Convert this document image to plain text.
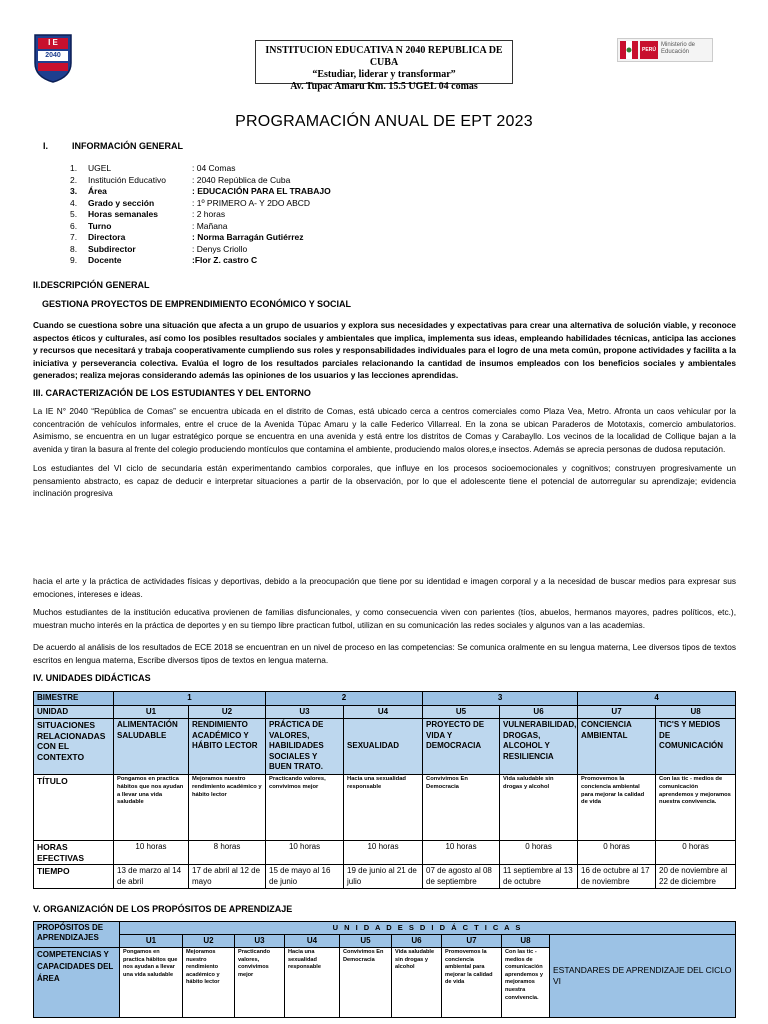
I E
2040	INSTITUCION EDUCATIVA N 2040 REPUBLICA DE CUBA
“Estudiar, liderar y transformar”
Av. Tupac Amaru Km. 15.5 UGEL 04 comas
PERÚ
Ministerio de Educación
PROGRAMACIÓN ANUAL DE EPT 2023
I.	INFORMACIÓN GENERAL
1.	UGEL	: 04 Comas
2.	Institución Educativo	: 2040 República de Cuba
3.	Área	: EDUCACIÓN PARA EL TRABAJO
4.	Grado y sección	: 1º PRIMERO A- Y 2DO ABCD
5.	Horas semanales	: 2 horas
6.	Turno	: Mañana
7.	Directora	: Norma Barragán Gutiérrez
8.	Subdirector	: Denys Criollo
9.	Docente	:Flor Z. castro C
II.DESCRIPCIÓN GENERAL
GESTIONA PROYECTOS DE EMPRENDIMIENTO ECONÓMICO Y SOCIAL
Cuando se cuestiona sobre una situación que afecta a un grupo de usuarios y explora sus necesidades y expectativas para crear una alternativa de solución viable, y reconoce aspectos éticos y culturales, así como los posibles resultados sociales y ambientales que implica, implementa sus ideas, empleando habilidades técnicas, anticipa las acciones y recursos que necesitará y trabaja cooperativamente cumpliendo sus roles y responsabilidades individuales para el logro de una meta común, propone actividades y facilita a la iniciativa y perseverancia colectiva. Evalúa el logro de los resultados parciales relacionando la cantidad de insumos empleados con los beneficios sociales y ambientales generados; realiza mejoras considerando además las opiniones de los usuarios y las lecciones aprendidas.
III. CARACTERIZACIÓN DE LOS ESTUDIANTES Y DEL ENTORNO
La IE N° 2040 “República de Comas” se encuentra ubicada en el distrito de Comas, está ubicado cerca a centros comerciales como Plaza Vea, Metro. Afronta un caos vehicular por la concentración de vehículos informales, entre el cruce de la Avenida Túpac Amaru y la calle Federico Villarreal. En la zona se ubican Paraderos de Mototaxis, comercio ambulatorios. Asimismo, se encuentra en un lugar estratégico porque se encuentra en una avenida y está entre los distritos de Comas y Carabayllo. Los vecinos de la localidad de Collique bajan a la avenida y tiran la basura al frente del colegio produciendo montículos que contamina el ambiente, produciendo malos olores,e insectos. Además se aprecia personas de dudosa reputación.
Los estudiantes del VI ciclo de secundaria están experimentando cambios corporales, que influye en los procesos socioemocionales y cognitivos; construyen progresivamente un pensamiento abstracto, es capaz de deducir e interpretar situaciones a partir de la observación, por lo que el adolescente tiene el potencial de autorregular su aprendizaje; evidencia inclinación progresiva
hacia el arte y la práctica de actividades físicas y deportivas, debido a la preocupación que tiene por su identidad e imagen corporal y a la necesidad de buscar medios para expresar sus emociones, intereses e ideas.
Muchos estudiantes de la institución educativa provienen de familias disfuncionales, y como consecuencia viven con parientes (tíos, abuelos, hermanos mayores, padres políticos, etc.), muestran mucho interés en la práctica de deportes y en su tiempo libre practican futbol, utilizan en su comunicación las redes sociales y algunos van a las academias.
De acuerdo al análisis de los resultados de ECE 2018 se encuentran en un nivel de proceso en las competencias: Se comunica oralmente en su lengua materna, Lee diversos tipos de textos escritos en lengua materna, Escribe diversos tipos de textos en lengua materna.
IV. UNIDADES DIDÁCTICAS
BIMESTRE	1		2		3		4	
UNIDAD	U1	U2	U3	U4	U5	U6	U7	U8
SITUACIONES RELACIONADAS CON EL CONTEXTO	ALIMENTACIÓN SALUDABLE	RENDIMIENTO ACADÉMICO Y HÁBITO LECTOR	PRÁCTICA DE VALORES, HABILIDADES SOCIALES Y BUEN TRATO.	SEXUALIDAD	PROYECTO DE VIDA Y DEMOCRACIA	VULNERABILIDAD, DROGAS, ALCOHOL Y RESILIENCIA	CONCIENCIA AMBIENTAL	TIC'S Y MEDIOS DE COMUNICACIÓN
TÍTULO	Pongamos en practica hábitos que nos ayudan a llevar una vida saludable	Mejoramos nuestro rendimiento académico y hábito lector	Practicando valores, convivimos mejor	Hacia una sexualidad responsable	Convivimos En Democracia	Vida saludable sin drogas y alcohol	Promovemos la conciencia ambiental para mejorar la calidad de vida	Con las tic - medios de comunicación aprendemos y mejoramos nuestra convivencia.
HORAS EFECTIVAS	10 horas	8 horas	10 horas	10 horas	10 horas	0 horas	0 horas	0 horas
TIEMPO	13 de marzo al 14 de abril	17 de abril al 12 de mayo	15 de mayo al 16 de junio	19 de junio al 21 de julio	07 de agosto al 08 de septiembre	11 septiembre al 13 de octubre	16 de octubre al 17 de noviembre	20 de noviembre al 22 de diciembre
V. ORGANIZACIÓN DE LOS PROPÓSITOS DE APRENDIZAJE
PROPÓSITOS DE APRENDIZAJES	U N I D A D E S D I D Á C T I C A S								
	U1	U2	U3	U4	U5	U6	U7	U8	ESTANDARES DE APRENDIZAJE DEL CICLO VI
COMPETENCIAS Y CAPACIDADES DEL ÁREA	Pongamos en practica hábitos que nos ayudan a llevar una vida saludable	Mejoramos nuestro rendimiento académico y hábito lector	Practicando valores, convivimos mejor	Hacia una sexualidad responsable	Convivimos En Democracia	Vida saludable sin drogas y alcohol	Promovemos la conciencia ambiental para mejorar la calidad de vida	Con las tic - medios de comunicación aprendemos y mejoramos nuestra convivencia.	
